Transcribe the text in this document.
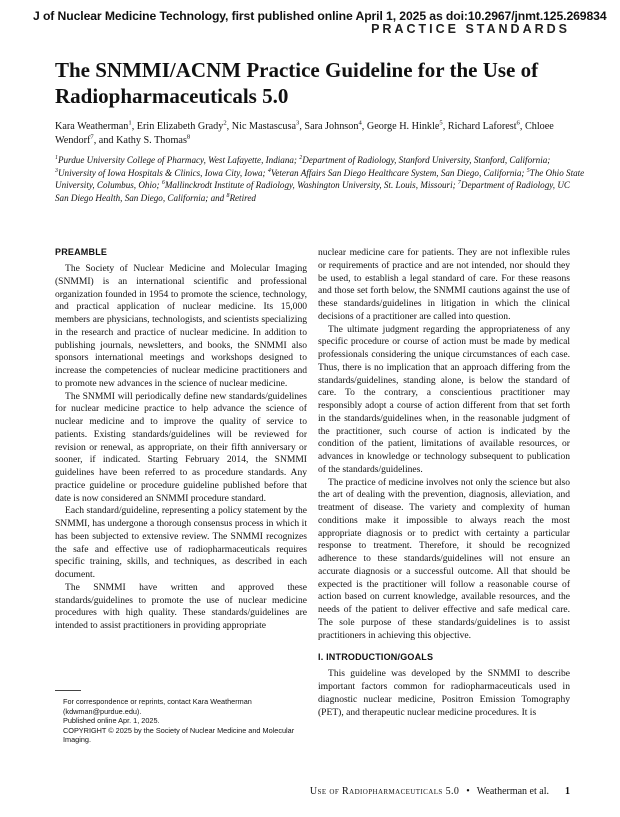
J of Nuclear Medicine Technology, first published online April 1, 2025 as doi:10.2967/jnmt.125.269834
PRACTICE STANDARDS
The SNMMI/ACNM Practice Guideline for the Use of Radiopharmaceuticals 5.0
Kara Weatherman$^1$, Erin Elizabeth Grady$^2$, Nic Mastascusa$^3$, Sara Johnson$^4$, George H. Hinkle$^5$, Richard Laforest$^6$, Chloee Wendorf$^7$, and Kathy S. Thomas$^8$
$^1$Purdue University College of Pharmacy, West Lafayette, Indiana; $^2$Department of Radiology, Stanford University, Stanford, California; $^3$University of Iowa Hospitals & Clinics, Iowa City, Iowa; $^4$Veteran Affairs San Diego Healthcare System, San Diego, California; $^5$The Ohio State University, Columbus, Ohio; $^6$Mallinckrodt Institute of Radiology, Washington University, St. Louis, Missouri; $^7$Department of Radiology, UC San Diego Health, San Diego, California; and $^8$Retired
PREAMBLE

The Society of Nuclear Medicine and Molecular Imaging (SNMMI) is an international scientific and professional organization founded in 1954 to promote the science, technology, and practical application of nuclear medicine. Its 15,000 members are physicians, technologists, and scientists specializing in the research and practice of nuclear medicine. In addition to publishing journals, newsletters, and books, the SNMMI also sponsors international meetings and workshops designed to increase the competencies of nuclear medicine practitioners and to promote new advances in the science of nuclear medicine.

The SNMMI will periodically define new standards/guidelines for nuclear medicine practice to help advance the science of nuclear medicine and to improve the quality of service to patients. Existing standards/guidelines will be reviewed for revision or renewal, as appropriate, on their fifth anniversary or sooner, if indicated. Starting February 2014, the SNMMI guidelines have been referred to as procedure standards. Any practice guideline or procedure guideline published before that date is now considered an SNMMI procedure standard.

Each standard/guideline, representing a policy statement by the SNMMI, has undergone a thorough consensus process in which it has been subjected to extensive review. The SNMMI recognizes the safe and effective use of radiopharmaceuticals requires specific training, skills, and techniques, as described in each document.

The SNMMI have written and approved these standards/guidelines to promote the use of nuclear medicine procedures with high quality. These standards/guidelines are intended to assist practitioners in providing appropriate

nuclear medicine care for patients. They are not inflexible rules or requirements of practice and are not intended, nor should they be used, to establish a legal standard of care. For these reasons and those set forth below, the SNMMI cautions against the use of these standards/guidelines in litigation in which the clinical decisions of a practitioner are called into question.

The ultimate judgment regarding the appropriateness of any specific procedure or course of action must be made by medical professionals considering the unique circumstances of each case. Thus, there is no implication that an approach differing from the standards/guidelines, standing alone, is below the standard of care. To the contrary, a conscientious practitioner may responsibly adopt a course of action different from that set forth in the standards/guidelines when, in the reasonable judgment of the practitioner, such course of action is indicated by the condition of the patient, limitations of available resources, or advances in knowledge or technology subsequent to publication of the standards/guidelines.

The practice of medicine involves not only the science but also the art of dealing with the prevention, diagnosis, alleviation, and treatment of disease. The variety and complexity of human conditions make it impossible to always reach the most appropriate diagnosis or to predict with certainty a particular response to treatment. Therefore, it should be recognized adherence to these standards/guidelines will not ensure an accurate diagnosis or a successful outcome. All that should be expected is the practitioner will follow a reasonable course of action based on current knowledge, available resources, and the needs of the patient to deliver effective and safe medical care. The sole purpose of these standards/guidelines is to assist practitioners in achieving this objective.

I. INTRODUCTION/GOALS

This guideline was developed by the SNMMI to describe important factors common for radiopharmaceuticals used in diagnostic nuclear medicine, Positron Emission Tomography (PET), and therapeutic nuclear medicine procedures. It is

For correspondence or reprints, contact Kara Weatherman (kdwman@purdue.edu).

Published online Apr. 1, 2025.

COPYRIGHT © 2025 by the Society of Nuclear Medicine and Molecular Imaging.

Use of Radiopharmaceuticals 5.0 • Weatherman et al. 1
